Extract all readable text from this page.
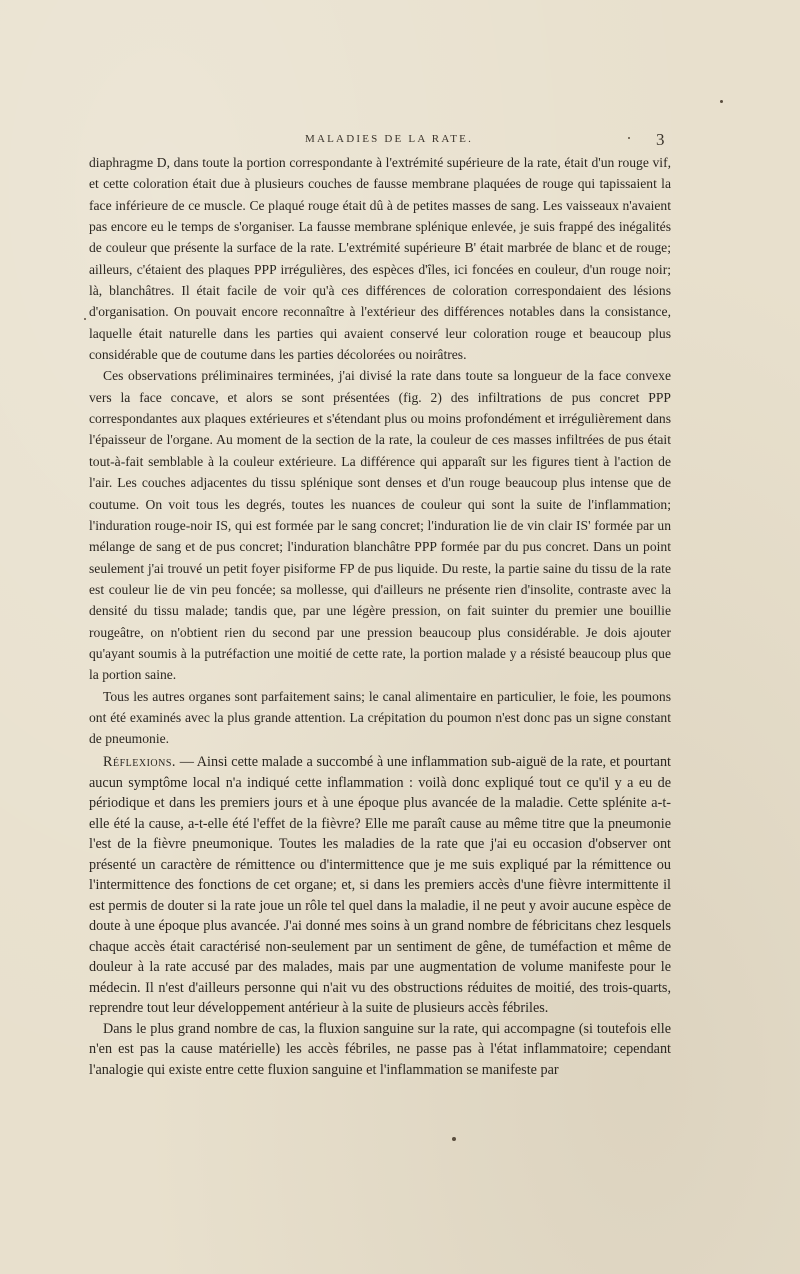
MALADIES DE LA RATE.	3

diaphragme D, dans toute la portion correspondante à l'extrémité supérieure de la rate, était d'un rouge vif, et cette coloration était due à plusieurs couches de fausse membrane plaquées de rouge qui tapissaient la face inférieure de ce muscle. Ce plaqué rouge était dû à de petites masses de sang. Les vaisseaux n'avaient pas encore eu le temps de s'organiser. La fausse membrane splénique enlevée, je suis frappé des inégalités de couleur que présente la surface de la rate. L'extrémité supérieure B' était marbrée de blanc et de rouge; ailleurs, c'étaient des plaques PPP irrégulières, des espèces d'îles, ici foncées en couleur, d'un rouge noir; là, blanchâtres. Il était facile de voir qu'à ces différences de coloration correspondaient des lésions d'organisation. On pouvait encore reconnaître à l'extérieur des différences notables dans la consistance, laquelle était naturelle dans les parties qui avaient conservé leur coloration rouge et beaucoup plus considérable que de coutume dans les parties décolorées ou noirâtres.

Ces observations préliminaires terminées, j'ai divisé la rate dans toute sa longueur de la face convexe vers la face concave, et alors se sont présentées (fig. 2) des infiltrations de pus concret PPP correspondantes aux plaques extérieures et s'étendant plus ou moins profondément et irrégulièrement dans l'épaisseur de l'organe. Au moment de la section de la rate, la couleur de ces masses infiltrées de pus était tout-à-fait semblable à la couleur extérieure. La différence qui apparaît sur les figures tient à l'action de l'air. Les couches adjacentes du tissu splénique sont denses et d'un rouge beaucoup plus intense que de coutume. On voit tous les degrés, toutes les nuances de couleur qui sont la suite de l'inflammation; l'induration rouge-noir IS, qui est formée par le sang concret; l'induration lie de vin clair IS' formée par un mélange de sang et de pus concret; l'induration blanchâtre PPP formée par du pus concret. Dans un point seulement j'ai trouvé un petit foyer pisiforme FP de pus liquide. Du reste, la partie saine du tissu de la rate est couleur lie de vin peu foncée; sa mollesse, qui d'ailleurs ne présente rien d'insolite, contraste avec la densité du tissu malade; tandis que, par une légère pression, on fait suinter du premier une bouillie rougeâtre, on n'obtient rien du second par une pression beaucoup plus considérable. Je dois ajouter qu'ayant soumis à la putréfaction une moitié de cette rate, la portion malade y a résisté beaucoup plus que la portion saine.

Tous les autres organes sont parfaitement sains; le canal alimentaire en particulier, le foie, les poumons ont été examinés avec la plus grande attention. La crépitation du poumon n'est donc pas un signe constant de pneumonie.

Réflexions. — Ainsi cette malade a succombé à une inflammation sub-aiguë de la rate, et pourtant aucun symptôme local n'a indiqué cette inflammation : voilà donc expliqué tout ce qu'il y a eu de périodique et dans les premiers jours et à une époque plus avancée de la maladie. Cette splénite a-t-elle été la cause, a-t-elle été l'effet de la fièvre? Elle me paraît cause au même titre que la pneumonie l'est de la fièvre pneumonique. Toutes les maladies de la rate que j'ai eu occasion d'observer ont présenté un caractère de rémittence ou d'intermittence que je me suis expliqué par la rémittence ou l'intermittence des fonctions de cet organe; et, si dans les premiers accès d'une fièvre intermittente il est permis de douter si la rate joue un rôle tel quel dans la maladie, il ne peut y avoir aucune espèce de doute à une époque plus avancée. J'ai donné mes soins à un grand nombre de fébricitans chez lesquels chaque accès était caractérisé non-seulement par un sentiment de gêne, de tuméfaction et même de douleur à la rate accusé par des malades, mais par une augmentation de volume manifeste pour le médecin. Il n'est d'ailleurs personne qui n'ait vu des obstructions réduites de moitié, des trois-quarts, reprendre tout leur développement antérieur à la suite de plusieurs accès fébriles.

Dans le plus grand nombre de cas, la fluxion sanguine sur la rate, qui accompagne (si toutefois elle n'en est pas la cause matérielle) les accès fébriles, ne passe pas à l'état inflammatoire; cependant l'analogie qui existe entre cette fluxion sanguine et l'inflammation se manifeste par
